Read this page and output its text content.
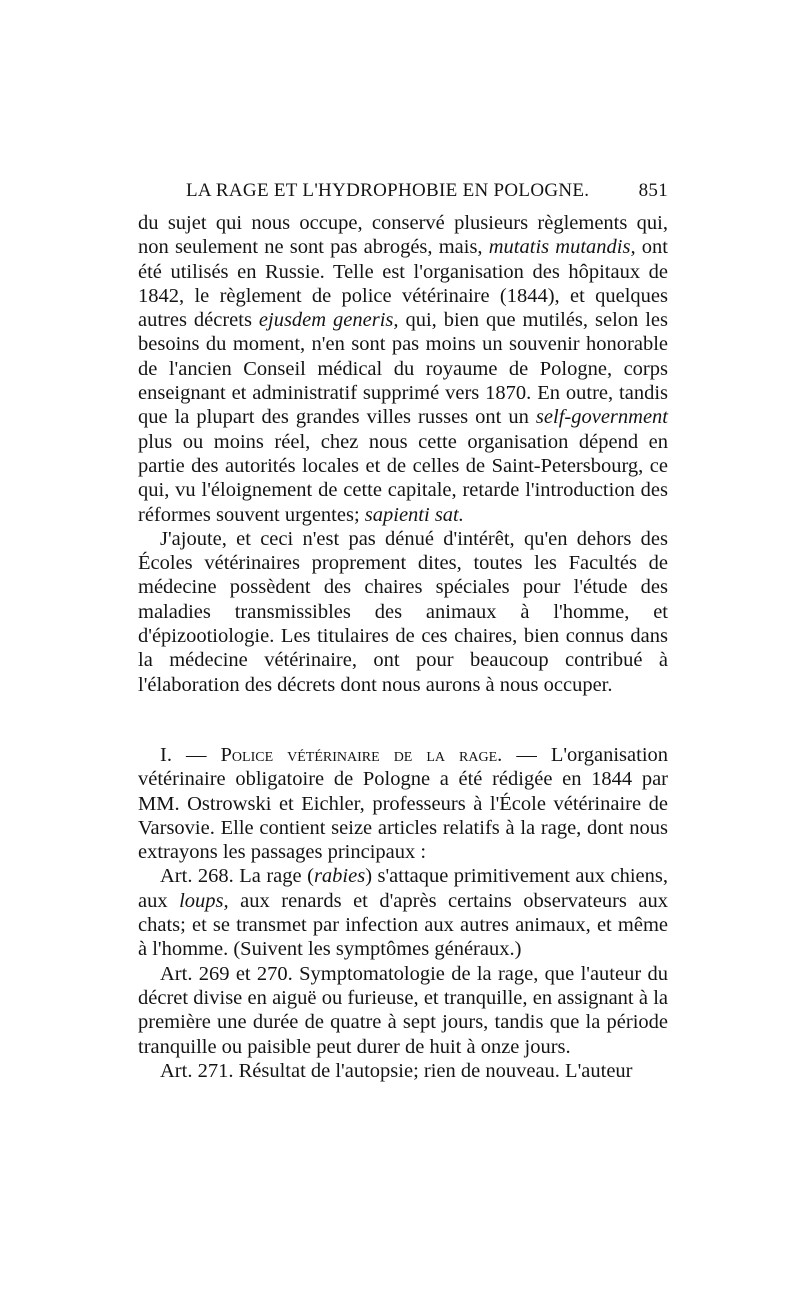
LA RAGE ET L'HYDROPHOBIE EN POLOGNE.	851

du sujet qui nous occupe, conservé plusieurs règlements qui, non seulement ne sont pas abrogés, mais, mutatis mutandis, ont été utilisés en Russie. Telle est l'organisation des hôpitaux de 1842, le règlement de police vétérinaire (1844), et quelques autres décrets ejusdem generis, qui, bien que mutilés, selon les besoins du moment, n'en sont pas moins un souvenir honorable de l'ancien Conseil médical du royaume de Pologne, corps enseignant et administratif supprimé vers 1870. En outre, tandis que la plupart des grandes villes russes ont un self-government plus ou moins réel, chez nous cette organisation dépend en partie des autorités locales et de celles de Saint-Petersbourg, ce qui, vu l'éloignement de cette capitale, retarde l'introduction des réformes souvent urgentes; sapienti sat.

J'ajoute, et ceci n'est pas dénué d'intérêt, qu'en dehors des Écoles vétérinaires proprement dites, toutes les Facultés de médecine possèdent des chaires spéciales pour l'étude des maladies transmissibles des animaux à l'homme, et d'épizootiologie. Les titulaires de ces chaires, bien connus dans la médecine vétérinaire, ont pour beaucoup contribué à l'élaboration des décrets dont nous aurons à nous occuper.

I. — Police vétérinaire de la rage. — L'organisation vétérinaire obligatoire de Pologne a été rédigée en 1844 par MM. Ostrowski et Eichler, professeurs à l'École vétérinaire de Varsovie. Elle contient seize articles relatifs à la rage, dont nous extrayons les passages principaux :

Art. 268. La rage (rabies) s'attaque primitivement aux chiens, aux loups, aux renards et d'après certains observateurs aux chats; et se transmet par infection aux autres animaux, et même à l'homme. (Suivent les symptômes généraux.)

Art. 269 et 270. Symptomatologie de la rage, que l'auteur du décret divise en aiguë ou furieuse, et tranquille, en assignant à la première une durée de quatre à sept jours, tandis que la période tranquille ou paisible peut durer de huit à onze jours.

Art. 271. Résultat de l'autopsie; rien de nouveau. L'auteur
